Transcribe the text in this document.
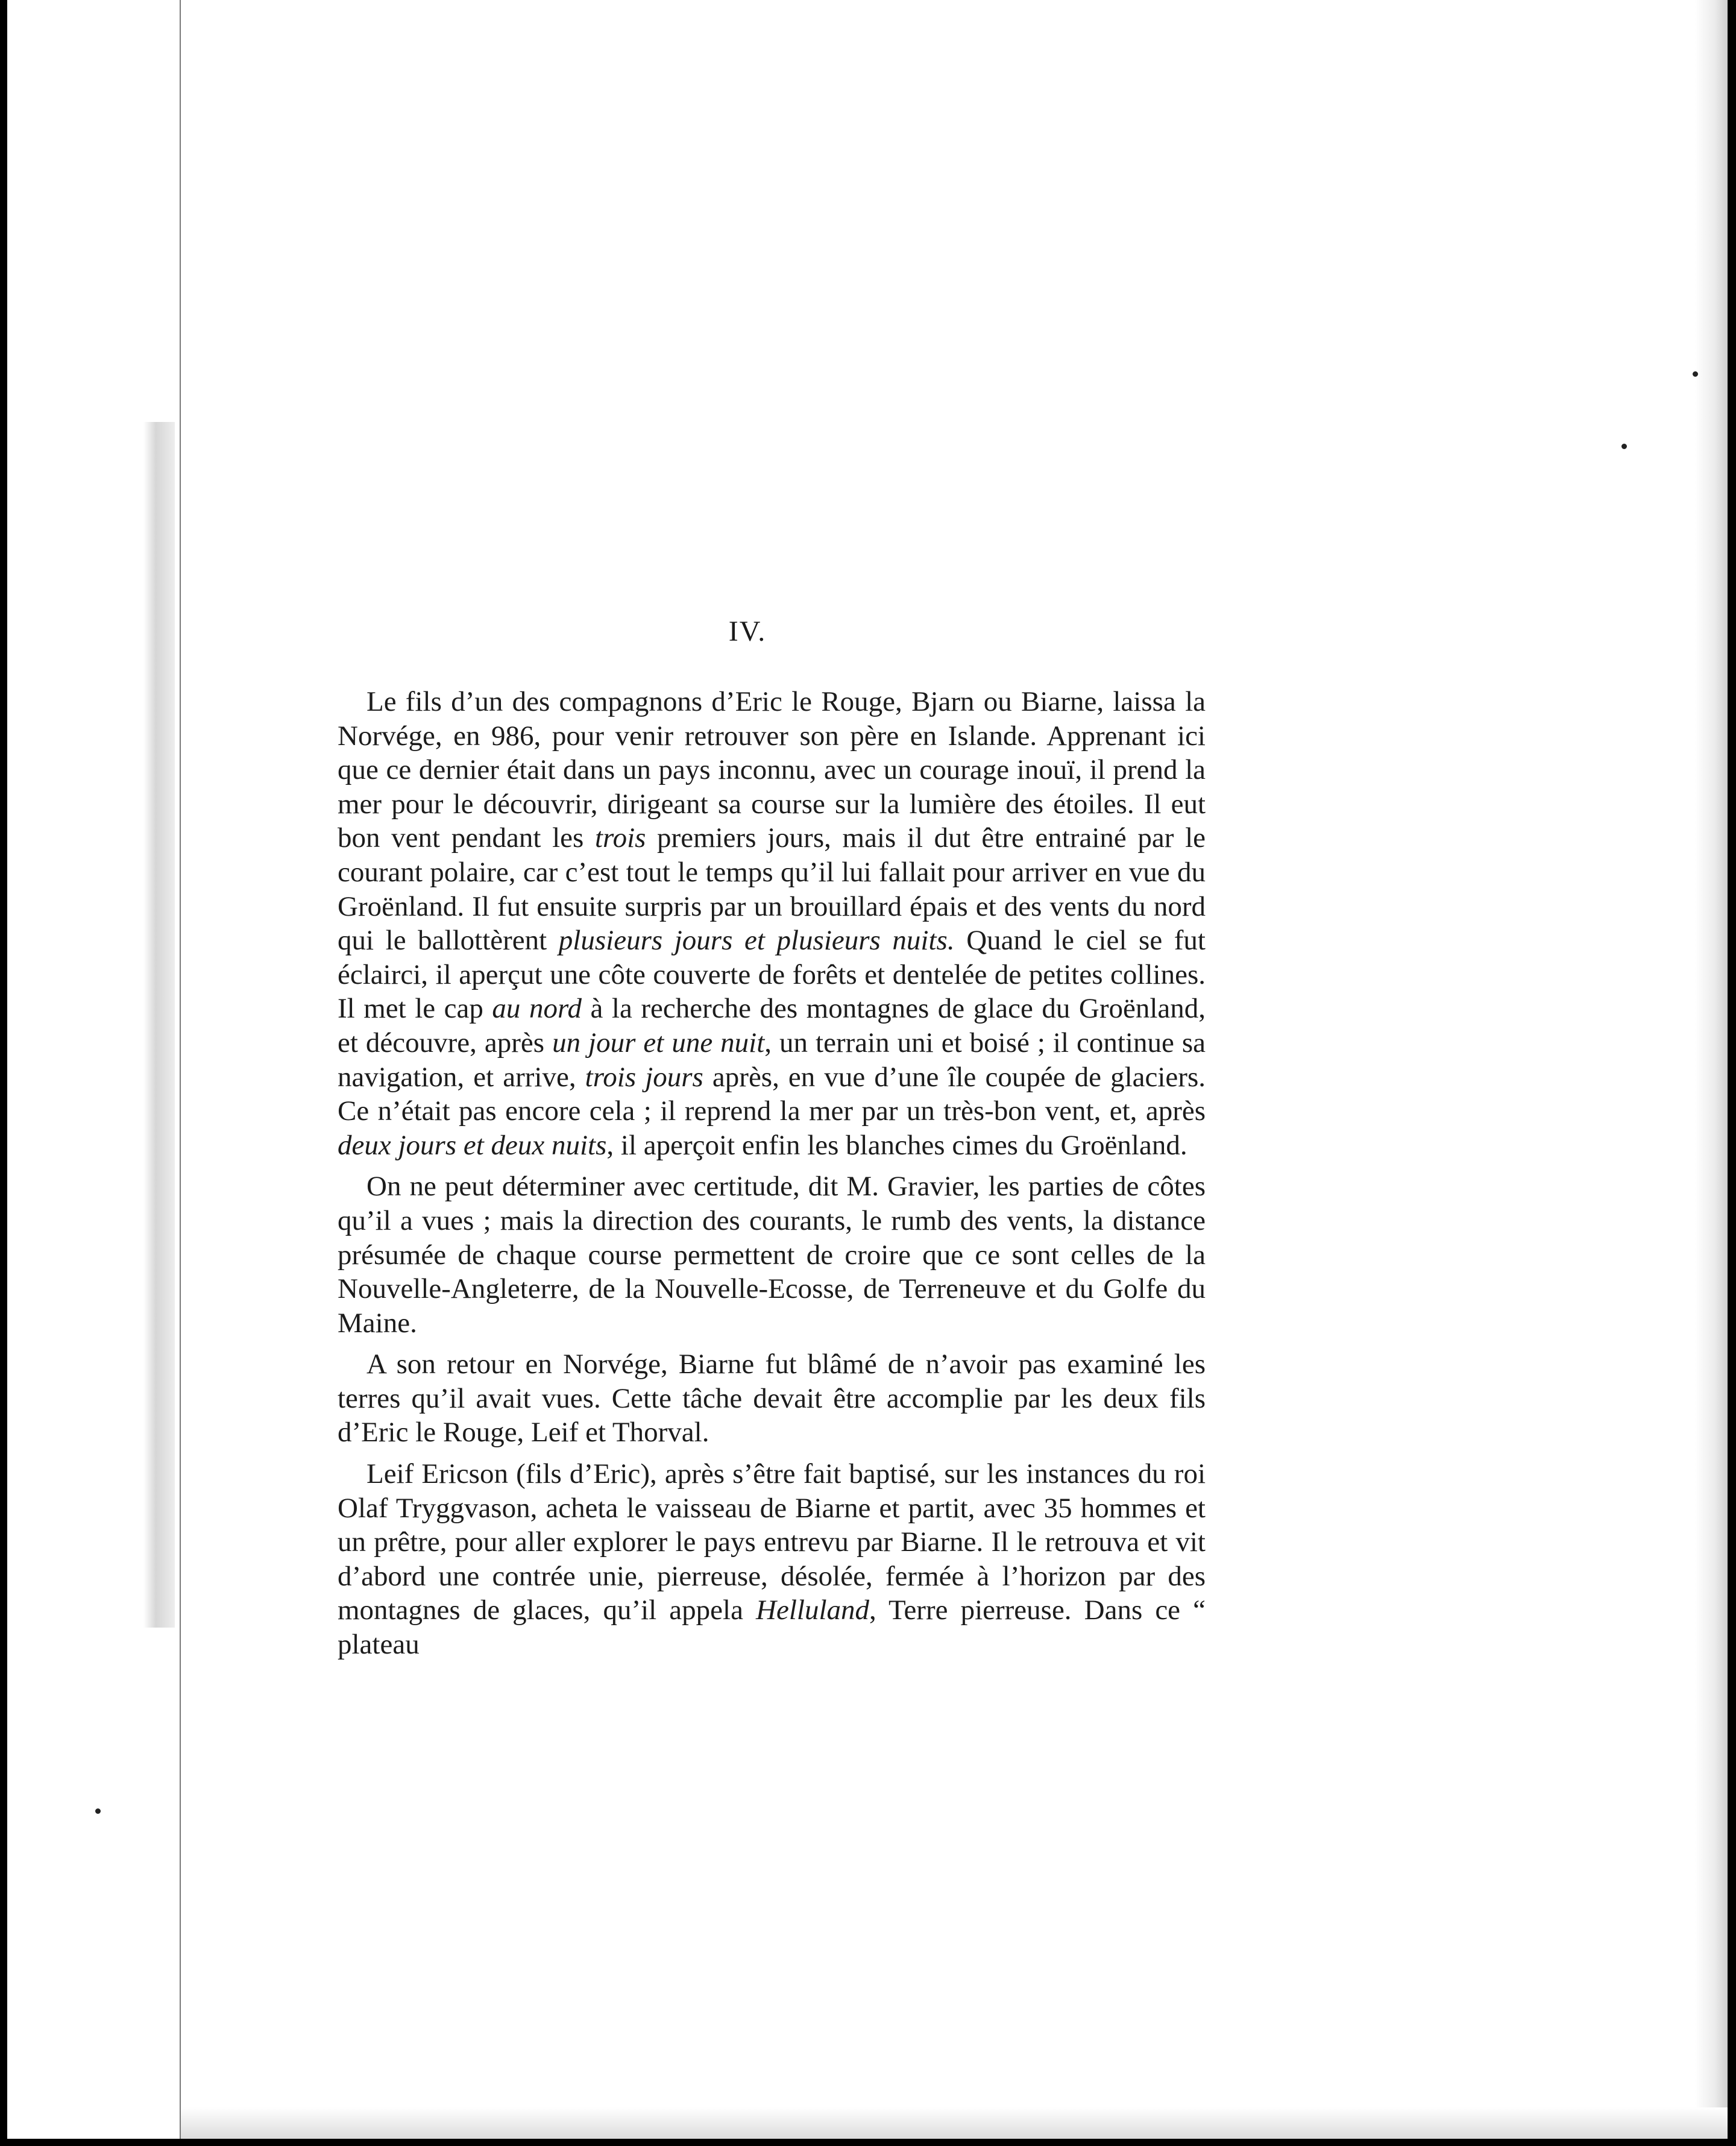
IV.

Le fils d’un des compagnons d’Eric le Rouge, Bjarn ou Biarne, laissa la Norvége, en 986, pour venir retrouver son père en Islande. Apprenant ici que ce dernier était dans un pays inconnu, avec un courage inouï, il prend la mer pour le découvrir, dirigeant sa course sur la lumière des étoiles. Il eut bon vent pendant les trois premiers jours, mais il dut être entrainé par le courant polaire, car c’est tout le temps qu’il lui fallait pour arriver en vue du Groënland. Il fut ensuite surpris par un brouillard épais et des vents du nord qui le ballottèrent plusieurs jours et plusieurs nuits. Quand le ciel se fut éclairci, il aperçut une côte couverte de forêts et dentelée de petites collines. Il met le cap au nord à la recherche des montagnes de glace du Groënland, et découvre, après un jour et une nuit, un terrain uni et boisé ; il continue sa navigation, et arrive, trois jours après, en vue d’une île coupée de glaciers. Ce n’était pas encore cela ; il reprend la mer par un très-bon vent, et, après deux jours et deux nuits, il aperçoit enfin les blanches cimes du Groënland.

On ne peut déterminer avec certitude, dit M. Gravier, les parties de côtes qu’il a vues ; mais la direction des courants, le rumb des vents, la distance présumée de chaque course permettent de croire que ce sont celles de la Nouvelle-Angleterre, de la Nouvelle-Ecosse, de Terreneuve et du Golfe du Maine.

A son retour en Norvége, Biarne fut blâmé de n’avoir pas examiné les terres qu’il avait vues. Cette tâche devait être accomplie par les deux fils d’Eric le Rouge, Leif et Thorval.

Leif Ericson (fils d’Eric), après s’être fait baptisé, sur les instances du roi Olaf Tryggvason, acheta le vaisseau de Biarne et partit, avec 35 hommes et un prêtre, pour aller explorer le pays entrevu par Biarne. Il le retrouva et vit d’abord une contrée unie, pierreuse, désolée, fermée à l’horizon par des montagnes de glaces, qu’il appela Helluland, Terre pierreuse. Dans ce “ plateau
